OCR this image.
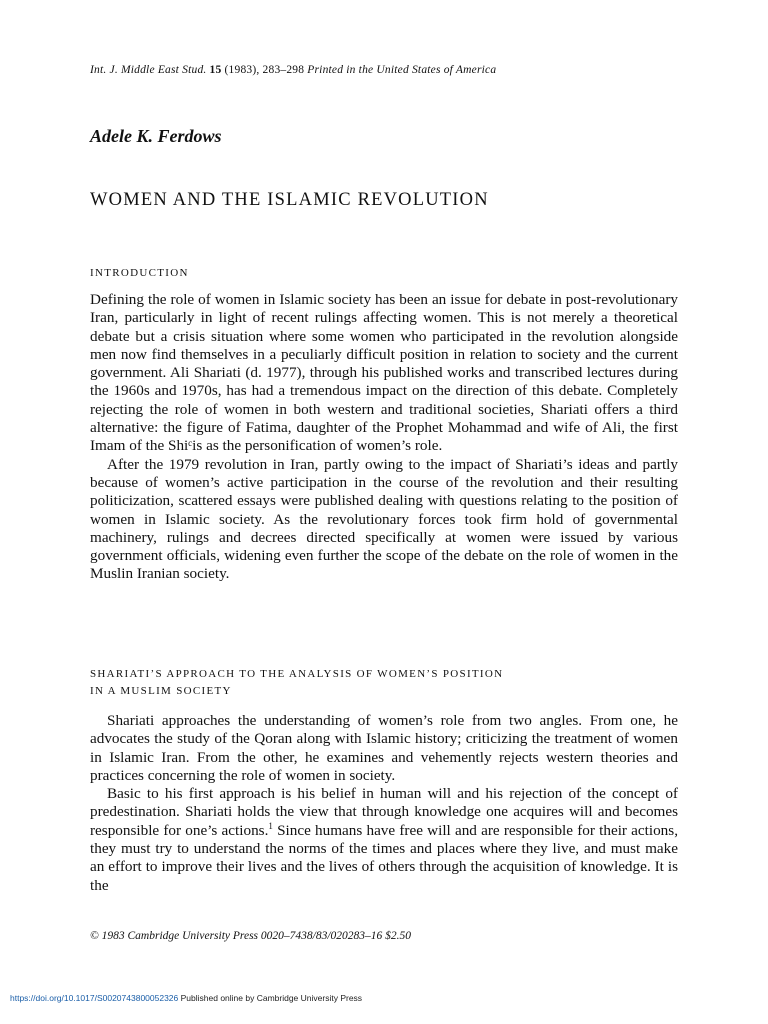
Int. J. Middle East Stud. 15 (1983), 283–298 Printed in the United States of America
Adele K. Ferdows
WOMEN AND THE ISLAMIC REVOLUTION
INTRODUCTION

Defining the role of women in Islamic society has been an issue for debate in post-revolutionary Iran, particularly in light of recent rulings affecting women. This is not merely a theoretical debate but a crisis situation where some women who participated in the revolution alongside men now find themselves in a peculiarly difficult position in relation to society and the current government. Ali Shariati (d. 1977), through his published works and transcribed lectures during the 1960s and 1970s, has had a tremendous impact on the direction of this debate. Completely rejecting the role of women in both western and traditional societies, Shariati offers a third alternative: the figure of Fatima, daughter of the Prophet Mohammad and wife of Ali, the first Imam of the Shiᶜis as the personification of women’s role.

After the 1979 revolution in Iran, partly owing to the impact of Shariati’s ideas and partly because of women’s active participation in the course of the revolution and their resulting politicization, scattered essays were published dealing with questions relating to the position of women in Islamic society. As the revolutionary forces took firm hold of governmental machinery, rulings and decrees directed specifically at women were issued by various government officials, widening even further the scope of the debate on the role of women in the Muslin Iranian society.

SHARIATI’S APPROACH TO THE ANALYSIS OF WOMEN’S POSITION
IN A MUSLIM SOCIETY

Shariati approaches the understanding of women’s role from two angles. From one, he advocates the study of the Qoran along with Islamic history; criticizing the treatment of women in Islamic Iran. From the other, he examines and vehemently rejects western theories and practices concerning the role of women in society.

Basic to his first approach is his belief in human will and his rejection of the concept of predestination. Shariati holds the view that through knowledge one acquires will and becomes responsible for one’s actions.$^1$ Since humans have free will and are responsible for their actions, they must try to understand the norms of the times and places where they live, and must make an effort to improve their lives and the lives of others through the acquisition of knowledge. It is the

© 1983 Cambridge University Press 0020–7438/83/020283–16 $2.50
https://doi.org/10.1017/S0020743800052326 Published online by Cambridge University Press
